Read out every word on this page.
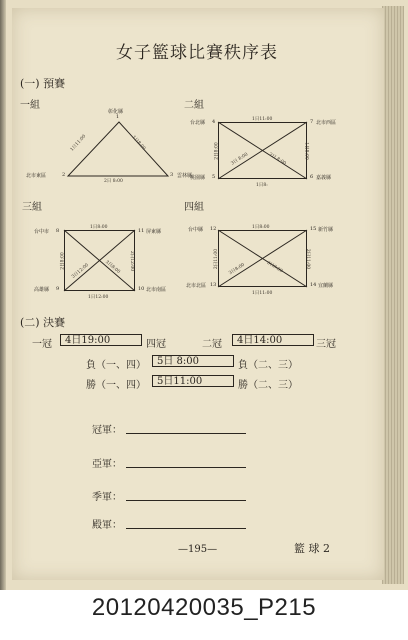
女子籃球比賽秩序表
(一) 預賽
一組
彰化縣
1
北市東區	2	3 雲林縣
1日11:00	1日8:00
2日 8:00
二組
台北縣 4	7 北市西區
桃園縣 5	6 嘉義縣
1日11:00
2日8:00	1日8:00
3日 8:00	2日 8:00
1日8:
三組
台中市 8	11 屏東縣
高雄縣 9	10 北市南區
1日8:00
2日8:00	2日12:00
3日12:00	3日8:00
1日12:00
四組
台中縣 12	15 新竹縣
北市北區 13	14 宜蘭縣
1日8:00
2日11:00	2日11:00
3日8:00	3日8:00
1日11:00
(二) 決賽
一冠	4日19:00	四冠	二冠	4日14:00	三冠
負（一、四）	5日 8:00	負（二、三）
勝（一、四）	5日11:00	勝（二、三）
冠軍：
亞軍：
季軍：
殿軍：
—195—	籃 球 2
20120420035_P215
